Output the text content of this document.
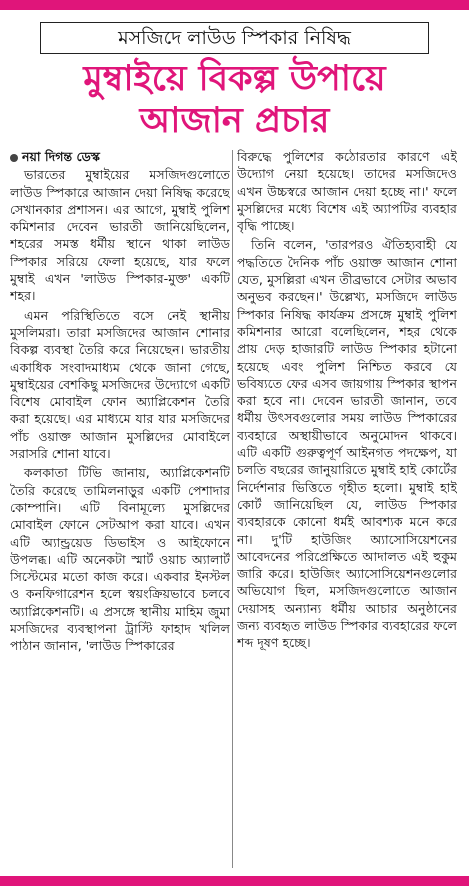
মসজিদে লাউড স্পিকার নিষিদ্ধ
মুম্বাইয়ে বিকল্প উপায়ে
আজান প্রচার
নয়া দিগন্ত ডেস্ক

ভারতের মুম্বাইয়ের মসজিদগুলোতে লাউড স্পিকারে আজান দেয়া নিষিদ্ধ করেছে সেখানকার প্রশাসন। এর আগে, মুম্বাই পুলিশ কমিশনার দেবেন ভারতী জানিয়েছিলেন, শহরের সমস্ত ধর্মীয় স্থানে থাকা লাউড স্পিকার সরিয়ে ফেলা হয়েছে, যার ফলে মুম্বাই এখন 'লাউড স্পিকার-মুক্ত' একটি শহর।

এমন পরিস্থিতিতে বসে নেই স্থানীয় মুসলিমরা। তারা মসজিদের আজান শোনার বিকল্প ব্যবস্থা তৈরি করে নিয়েছেন। ভারতীয় একাধিক সংবাদমাধ্যম থেকে জানা গেছে, মুম্বাইয়ের বেশকিছু মসজিদের উদ্যোগে একটি বিশেষ মোবাইল ফোন অ্যাপ্লিকেশন তৈরি করা হয়েছে। এর মাধ্যমে যার যার মসজিদের পাঁচ ওয়াক্ত আজান মুসল্লিদের মোবাইলে সরাসরি শোনা যাবে।

কলকাতা টিভি জানায়, অ্যাপ্লিকেশনটি তৈরি করেছে তামিলনাড়ুর একটি পেশাদার কোম্পানি। এটি বিনামূল্যে মুসল্লিদের মোবাইল ফোনে সেটআপ করা যাবে। এখন এটি অ্যান্ড্রয়েড ডিভাইস ও আইফোনে উপলব্ধ। এটি অনেকটা স্মার্ট ওয়াচ অ্যালার্ট সিস্টেমের মতো কাজ করে। একবার ইনস্টল ও কনফিগারেশন হলে স্বয়ংক্রিয়ভাবে চলবে অ্যাপ্লিকেশনটি। এ প্রসঙ্গে স্থানীয় মাহিম জুমা মসজিদের ব্যবস্থাপনা ট্রাস্টি ফাহাদ খলিল পাঠান জানান, 'লাউড স্পিকারের

বিরুদ্ধে পুলিশের কঠোরতার কারণে এই উদ্যোগ নেয়া হয়েছে। তাদের মসজিদেও এখন উচ্চস্বরে আজান দেয়া হচ্ছে না।' ফলে মুসল্লিদের মধ্যে বিশেষ এই অ্যাপটির ব্যবহার বৃদ্ধি পাচ্ছে।

তিনি বলেন, 'তারপরও ঐতিহ্যবাহী যে পদ্ধতিতে দৈনিক পাঁচ ওয়াক্ত আজান শোনা যেত, মুসল্লিরা এখন তীব্রভাবে সেটার অভাব অনুভব করছেন।' উল্লেখ্য, মসজিদে লাউড স্পিকার নিষিদ্ধ কার্যক্রম প্রসঙ্গে মুম্বাই পুলিশ কমিশনার আরো বলেছিলেন, শহর থেকে প্রায় দেড় হাজারটি লাউড স্পিকার হটানো হয়েছে এবং পুলিশ নিশ্চিত করবে যে ভবিষ্যতে ফের এসব জায়গায় স্পিকার স্থাপন করা হবে না। দেবেন ভারতী জানান, তবে ধর্মীয় উৎসবগুলোর সময় লাউড স্পিকারের ব্যবহারে অস্থায়ীভাবে অনুমোদন থাকবে। এটি একটি গুরুত্বপূর্ণ আইনগত পদক্ষেপ, যা চলতি বছরের জানুয়ারিতে মুম্বাই হাই কোর্টের নির্দেশনার ভিত্তিতে গৃহীত হলো। মুম্বাই হাই কোর্ট জানিয়েছিল যে, লাউড স্পিকার ব্যবহারকে কোনো ধর্মই আবশ্যক মনে করে না। দু'টি হাউজিং অ্যাসোসিয়েশনের আবেদনের পরিপ্রেক্ষিতে আদালত এই হুকুম জারি করে। হাউজিং অ্যাসোসিয়েশনগুলোর অভিযোগ ছিল, মসজিদগুলোতে আজান দেয়াসহ অন্যান্য ধর্মীয় আচার অনুষ্ঠানের জন্য ব্যবহৃত লাউড স্পিকার ব্যবহারের ফলে শব্দ দূষণ হচ্ছে।
